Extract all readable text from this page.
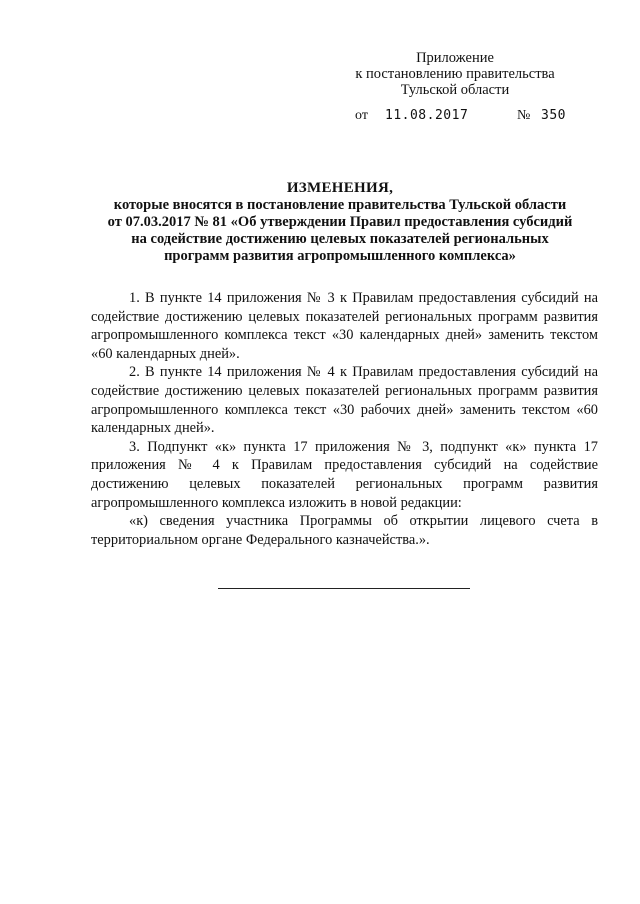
Приложение
к постановлению правительства
Тульской области
от 11.08.2017	№ 350
ИЗМЕНЕНИЯ,
которые вносятся в постановление правительства Тульской области
от 07.03.2017 № 81 «Об утверждении Правил предоставления субсидий
на содействие достижению целевых показателей региональных
программ развития агропромышленного комплекса»

1. В пункте 14 приложения № 3 к Правилам предоставления субсидий на содействие достижению целевых показателей региональных программ развития агропромышленного комплекса текст «30 календарных дней» заменить текстом «60 календарных дней».

2. В пункте 14 приложения № 4 к Правилам предоставления субсидий на содействие достижению целевых показателей региональных программ развития агропромышленного комплекса текст «30 рабочих дней» заменить текстом «60 календарных дней».

3. Подпункт «к» пункта 17 приложения № 3, подпункт «к» пункта 17 приложения № 4 к Правилам предоставления субсидий на содействие достижению целевых показателей региональных программ развития агропромышленного комплекса изложить в новой редакции:

«к) сведения участника Программы об открытии лицевого счета в территориальном органе Федерального казначейства.».
